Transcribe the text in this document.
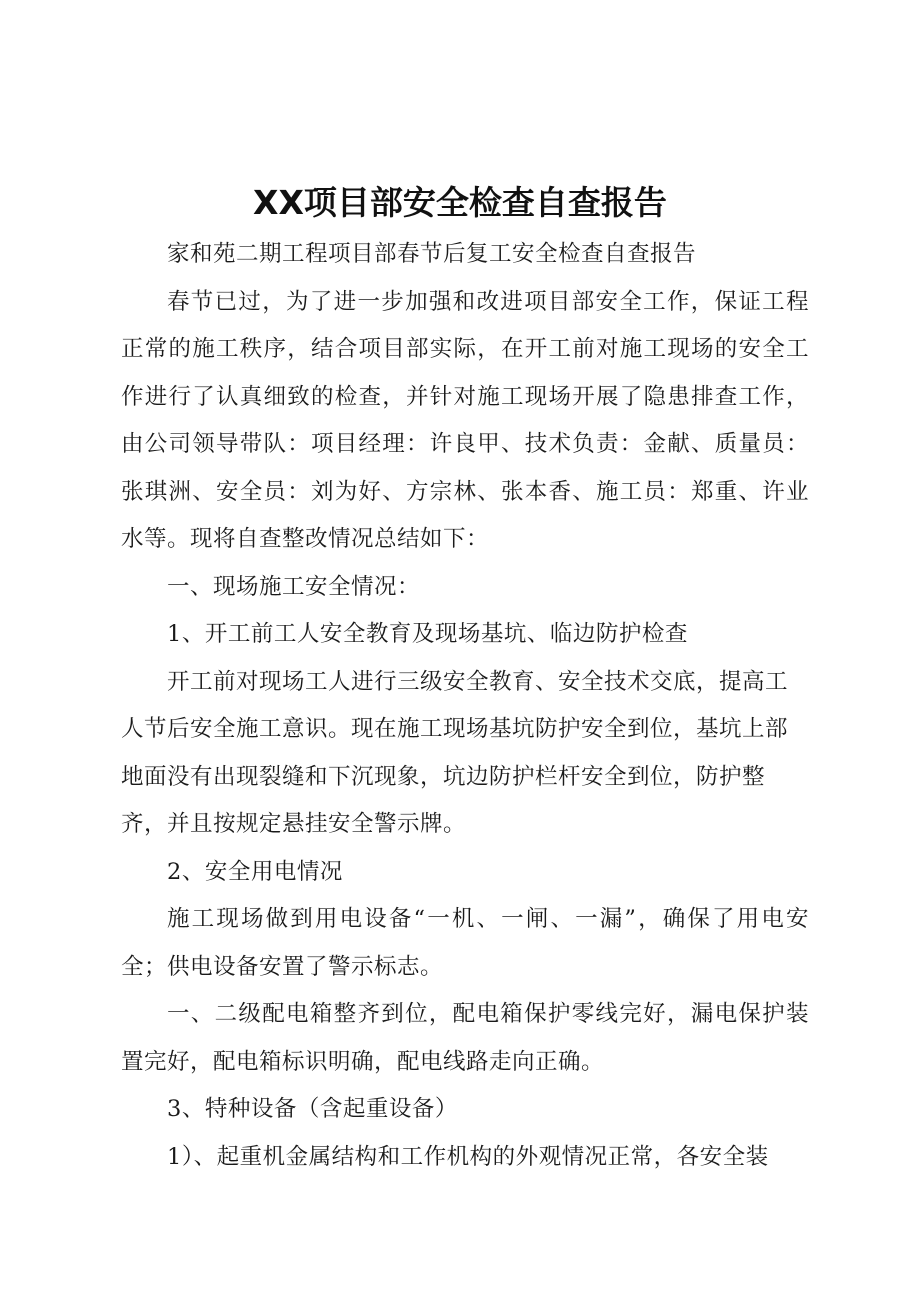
XX项目部安全检查自查报告

家和苑二期工程项目部春节后复工安全检查自查报告

春节已过，为了进一步加强和改进项目部安全工作，保证工程正常的施工秩序，结合项目部实际，在开工前对施工现场的安全工作进行了认真细致的检查，并针对施工现场开展了隐患排查工作，由公司领导带队：项目经理：许良甲、技术负责：金献、质量员：张琪洲、安全员：刘为好、方宗林、张本香、施工员：郑重、许业水等。现将自查整改情况总结如下：

一、现场施工安全情况：

1、开工前工人安全教育及现场基坑、临边防护检查

开工前对现场工人进行三级安全教育、安全技术交底，提高工人节后安全施工意识。现在施工现场基坑防护安全到位，基坑上部地面没有出现裂缝和下沉现象，坑边防护栏杆安全到位，防护整齐，并且按规定悬挂安全警示牌。

2、安全用电情况

施工现场做到用电设备“一机、一闸、一漏”，确保了用电安全；供电设备安置了警示标志。

一、二级配电箱整齐到位，配电箱保护零线完好，漏电保护装置完好，配电箱标识明确，配电线路走向正确。

3、特种设备（含起重设备）

1）、起重机金属结构和工作机构的外观情况正常，各安全装
